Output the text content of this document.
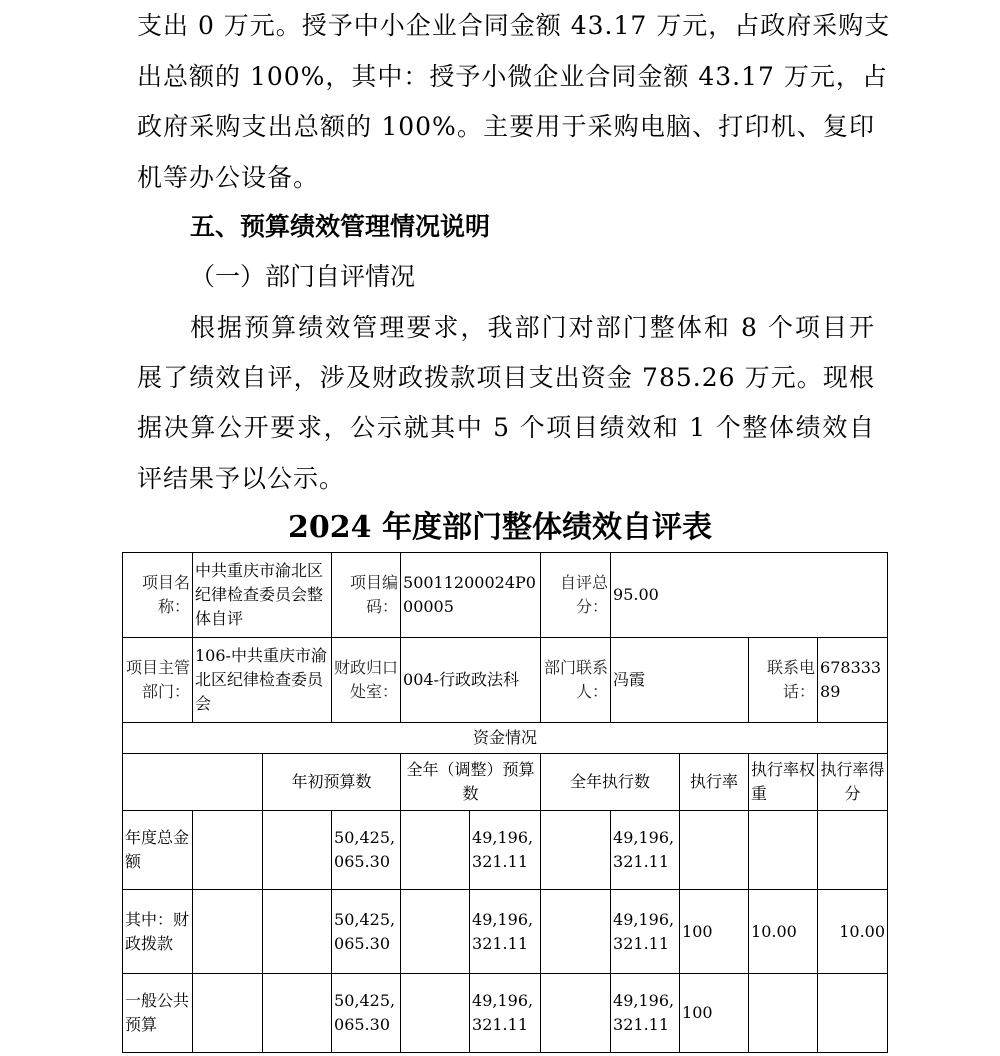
支出 0 万元。授予中小企业合同金额 43.17 万元，占政府采购支
出总额的 100%，其中：授予小微企业合同金额 43.17 万元，占
政府采购支出总额的 100%。主要用于采购电脑、打印机、复印
机等办公设备。
五、预算绩效管理情况说明
（一）部门自评情况
根据预算绩效管理要求，我部门对部门整体和 8 个项目开
展了绩效自评，涉及财政拨款项目支出资金 785.26 万元。现根
据决算公开要求，公示就其中 5 个项目绩效和 1 个整体绩效自
评结果予以公示。
2024 年度部门整体绩效自评表
项目名称：	中共重庆市渝北区纪律检查委员会整体自评		项目编码：	50011200024P000005		自评总分：	95.00			
项目主管部门：	106-中共重庆市渝北区纪律检查委员会		财政归口处室：	004-行政政法科		部门联系人：	冯霞		联系电话：	67833389
资金情况										
		年初预算数		全年（调整）预算数		全年执行数		执行率	执行率权重	执行率得分
年度总金额			50,425,065.30		49,196,321.11		49,196,321.11			
其中：财政拨款			50,425,065.30		49,196,321.11		49,196,321.11	100	10.00	10.00
一般公共预算			50,425,065.30		49,196,321.11		49,196,321.11	100		
